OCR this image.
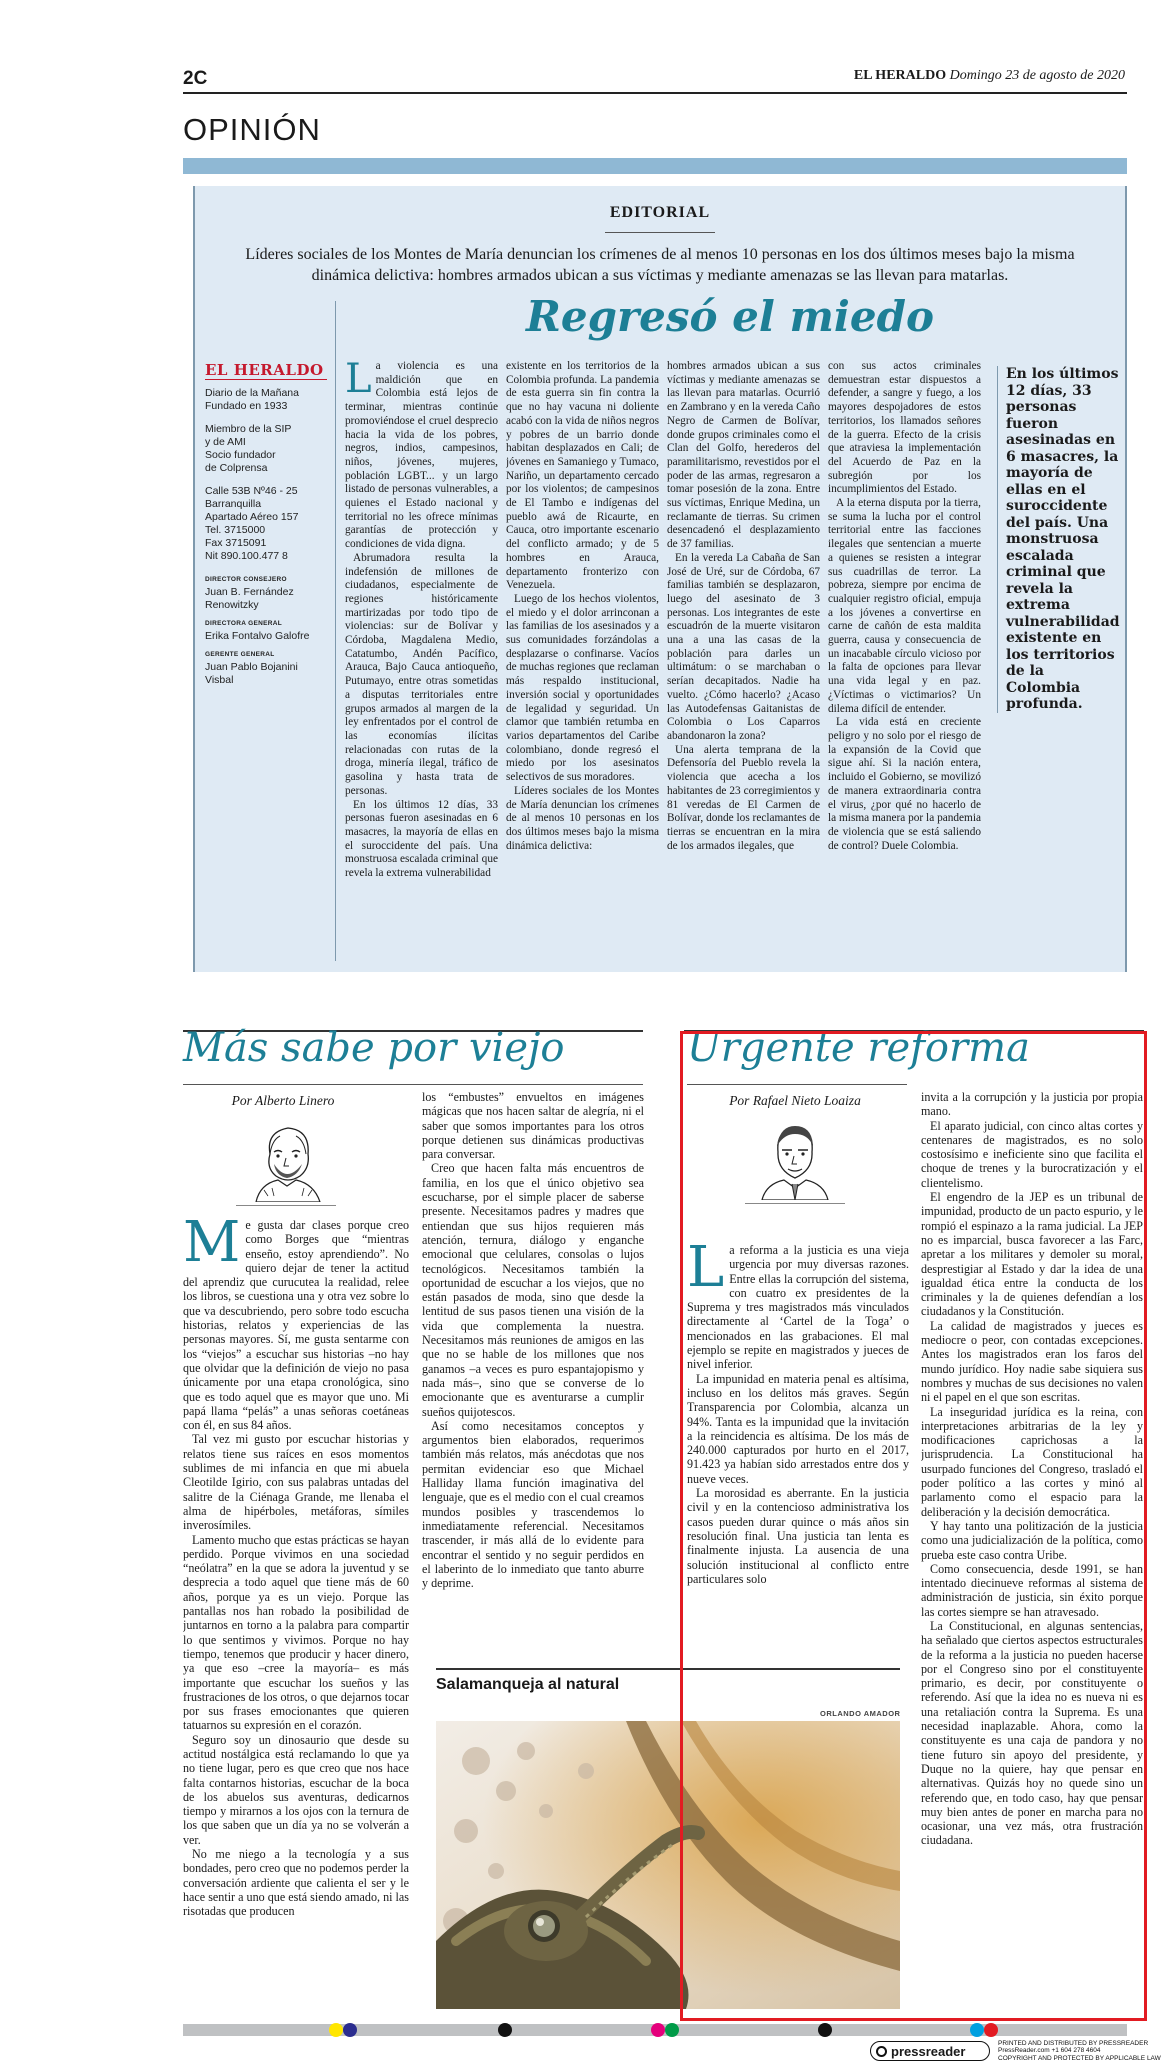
2C	EL HERALDO Domingo 23 de agosto de 2020
OPINIÓN
EDITORIAL
Líderes sociales de los Montes de María denuncian los crímenes de al menos 10 personas en los dos últimos meses bajo la misma dinámica delictiva: hombres armados ubican a sus víctimas y mediante amenazas se las llevan para matarlas.
Regresó el miedo
EL HERALDO
Diario de la Mañana
Fundado en 1933
Miembro de la SIP
y de AMI
Socio fundador
de Colprensa
Calle 53B Nº46 - 25
Barranquilla
Apartado Aéreo 157
Tel. 3715000
Fax 3715091
Nit 890.100.477 8
DIRECTOR CONSEJERO
Juan B. Fernández Renowitzky
DIRECTORA GENERAL
Erika Fontalvo Galofre
GERENTE GENERAL
Juan Pablo Bojanini Visbal

La violencia es una maldición que en Colombia está lejos de terminar, mientras continúe promoviéndose el cruel desprecio hacia la vida de los pobres, negros, indios, campesinos, niños, jóvenes, mujeres, población LGBT... y un largo listado de personas vulnerables, a quienes el Estado nacional y territorial no les ofrece mínimas garantías de protección y condiciones de vida digna.

Abrumadora resulta la indefensión de millones de ciudadanos, especialmente de regiones históricamente martirizadas por todo tipo de violencias: sur de Bolívar y Córdoba, Magdalena Medio, Catatumbo, Andén Pacífico, Arauca, Bajo Cauca antioqueño, Putumayo, entre otras sometidas a disputas territoriales entre grupos armados al margen de la ley enfrentados por el control de las economías ilícitas relacionadas con rutas de la droga, minería ilegal, tráfico de gasolina y hasta trata de personas.

En los últimos 12 días, 33 personas fueron asesinadas en 6 masacres, la mayoría de ellas en el suroccidente del país. Una monstruosa escalada criminal que revela la extrema vulnerabilidad

existente en los territorios de la Colombia profunda. La pandemia de esta guerra sin fin contra la que no hay vacuna ni doliente acabó con la vida de niños negros y pobres de un barrio donde habitan desplazados en Cali; de jóvenes en Samaniego y Tumaco, Nariño, un departamento cercado por los violentos; de campesinos de El Tambo e indígenas del pueblo awá de Ricaurte, en Cauca, otro importante escenario del conflicto armado; y de 5 hombres en Arauca, departamento fronterizo con Venezuela.

Luego de los hechos violentos, el miedo y el dolor arrinconan a las familias de los asesinados y a sus comunidades forzándolas a desplazarse o confinarse. Vacíos de muchas regiones que reclaman más respaldo institucional, inversión social y oportunidades de legalidad y seguridad. Un clamor que también retumba en varios departamentos del Caribe colombiano, donde regresó el miedo por los asesinatos selectivos de sus moradores.

Líderes sociales de los Montes de María denuncian los crímenes de al menos 10 personas en los dos últimos meses bajo la misma dinámica delictiva:

hombres armados ubican a sus víctimas y mediante amenazas se las llevan para matarlas. Ocurrió en Zambrano y en la vereda Caño Negro de Carmen de Bolívar, donde grupos criminales como el Clan del Golfo, herederos del paramilitarismo, revestidos por el poder de las armas, regresaron a tomar posesión de la zona. Entre sus víctimas, Enrique Medina, un reclamante de tierras. Su crimen desencadenó el desplazamiento de 37 familias.

En la vereda La Cabaña de San José de Uré, sur de Córdoba, 67 familias también se desplazaron, luego del asesinato de 3 personas. Los integrantes de este escuadrón de la muerte visitaron una a una las casas de la población para darles un ultimátum: o se marchaban o serían decapitados. Nadie ha vuelto. ¿Cómo hacerlo? ¿Acaso las Autodefensas Gaitanistas de Colombia o Los Caparros abandonaron la zona?

Una alerta temprana de la Defensoría del Pueblo revela la violencia que acecha a los habitantes de 23 corregimientos y 81 veredas de El Carmen de Bolívar, donde los reclamantes de tierras se encuentran en la mira de los armados ilegales, que

con sus actos criminales demuestran estar dispuestos a defender, a sangre y fuego, a los mayores despojadores de estos territorios, los llamados señores de la guerra. Efecto de la crisis que atraviesa la implementación del Acuerdo de Paz en la subregión por los incumplimientos del Estado.

A la eterna disputa por la tierra, se suma la lucha por el control territorial entre las facciones ilegales que sentencian a muerte a quienes se resisten a integrar sus cuadrillas de terror. La pobreza, siempre por encima de cualquier registro oficial, empuja a los jóvenes a convertirse en carne de cañón de esta maldita guerra, causa y consecuencia de un inacabable círculo vicioso por la falta de opciones para llevar una vida legal y en paz. ¿Víctimas o victimarios? Un dilema difícil de entender.

La vida está en creciente peligro y no solo por el riesgo de la expansión de la Covid que sigue ahí. Si la nación entera, incluido el Gobierno, se movilizó de manera extraordinaria contra el virus, ¿por qué no hacerlo de la misma manera por la pandemia de violencia que se está saliendo de control? Duele Colombia.

En los últimos 12 días, 33 personas fueron asesinadas en 6 masacres, la mayoría de ellas en el suroccidente del país. Una monstruosa escalada criminal que revela la extrema vulnerabilidad existente en los territorios de la Colombia profunda.
Más sabe por viejo
Por Alberto Linero

Me gusta dar clases porque creo como Borges que “mientras enseño, estoy aprendiendo”. No quiero dejar de tener la actitud del aprendiz que curucutea la realidad, relee los libros, se cuestiona una y otra vez sobre lo que va descubriendo, pero sobre todo escucha historias, relatos y experiencias de las personas mayores. Sí, me gusta sentarme con los “viejos” a escuchar sus historias –no hay que olvidar que la definición de viejo no pasa únicamente por una etapa cronológica, sino que es todo aquel que es mayor que uno. Mi papá llama “pelás” a unas señoras coetáneas con él, en sus 84 años.

Tal vez mi gusto por escuchar historias y relatos tiene sus raíces en esos momentos sublimes de mi infancia en que mi abuela Cleotilde Igirio, con sus palabras untadas del salitre de la Ciénaga Grande, me llenaba el alma de hipérboles, metáforas, símiles inverosímiles.

Lamento mucho que estas prácticas se hayan perdido. Porque vivimos en una sociedad “neólatra” en la que se adora la juventud y se desprecia a todo aquel que tiene más de 60 años, porque ya es un viejo. Porque las pantallas nos han robado la posibilidad de juntarnos en torno a la palabra para compartir lo que sentimos y vivimos. Porque no hay tiempo, tenemos que producir y hacer dinero, ya que eso –cree la mayoría– es más importante que escuchar los sueños y las frustraciones de los otros, o que dejarnos tocar por sus frases emocionantes que quieren tatuarnos su expresión en el corazón.

Seguro soy un dinosaurio que desde su actitud nostálgica está reclamando lo que ya no tiene lugar, pero es que creo que nos hace falta contarnos historias, escuchar de la boca de los abuelos sus aventuras, dedicarnos tiempo y mirarnos a los ojos con la ternura de los que saben que un día ya no se volverán a ver.

No me niego a la tecnología y a sus bondades, pero creo que no podemos perder la conversación ardiente que calienta el ser y le hace sentir a uno que está siendo amado, ni las risotadas que producen

los “embustes” envueltos en imágenes mágicas que nos hacen saltar de alegría, ni el saber que somos importantes para los otros porque detienen sus dinámicas productivas para conversar.

Creo que hacen falta más encuentros de familia, en los que el único objetivo sea escucharse, por el simple placer de saberse presente. Necesitamos padres y madres que entiendan que sus hijos requieren más atención, ternura, diálogo y enganche emocional que celulares, consolas o lujos tecnológicos. Necesitamos también la oportunidad de escuchar a los viejos, que no están pasados de moda, sino que desde la lentitud de sus pasos tienen una visión de la vida que complementa la nuestra. Necesitamos más reuniones de amigos en las que no se hable de los millones que nos ganamos –a veces es puro espantajopismo y nada más–, sino que se converse de lo emocionante que es aventurarse a cumplir sueños quijotescos.

Así como necesitamos conceptos y argumentos bien elaborados, requerimos también más relatos, más anécdotas que nos permitan evidenciar eso que Michael Halliday llama función imaginativa del lenguaje, que es el medio con el cual creamos mundos posibles y trascendemos lo inmediatamente referencial. Necesitamos trascender, ir más allá de lo evidente para encontrar el sentido y no seguir perdidos en el laberinto de lo inmediato que tanto aburre y deprime.

Salamanqueja al natural
ORLANDO AMADOR
Urgente reforma
Por Rafael Nieto Loaiza

La reforma a la justicia es una vieja urgencia por muy diversas razones. Entre ellas la corrupción del sistema, con cuatro ex presidentes de la Suprema y tres magistrados más vinculados directamente al ‘Cartel de la Toga’ o mencionados en las grabaciones. El mal ejemplo se repite en magistrados y jueces de nivel inferior.

La impunidad en materia penal es altísima, incluso en los delitos más graves. Según Transparencia por Colombia, alcanza un 94%. Tanta es la impunidad que la invitación a la reincidencia es altísima. De los más de 240.000 capturados por hurto en el 2017, 91.423 ya habían sido arrestados entre dos y nueve veces.

La morosidad es aberrante. En la justicia civil y en la contencioso administrativa los casos pueden durar quince o más años sin resolución final. Una justicia tan lenta es finalmente injusta. La ausencia de una solución institucional al conflicto entre particulares solo

invita a la corrupción y la justicia por propia mano.

El aparato judicial, con cinco altas cortes y centenares de magistrados, es no solo costosísimo e ineficiente sino que facilita el choque de trenes y la burocratización y el clientelismo.

El engendro de la JEP es un tribunal de impunidad, producto de un pacto espurio, y le rompió el espinazo a la rama judicial. La JEP no es imparcial, busca favorecer a las Farc, apretar a los militares y demoler su moral, desprestigiar al Estado y dar la idea de una igualdad ética entre la conducta de los criminales y la de quienes defendían a los ciudadanos y la Constitución.

La calidad de magistrados y jueces es mediocre o peor, con contadas excepciones. Antes los magistrados eran los faros del mundo jurídico. Hoy nadie sabe siquiera sus nombres y muchas de sus decisiones no valen ni el papel en el que son escritas.

La inseguridad jurídica es la reina, con interpretaciones arbitrarias de la ley y modificaciones caprichosas a la jurisprudencia. La Constitucional ha usurpado funciones del Congreso, trasladó el poder político a las cortes y minó al parlamento como el espacio para la deliberación y la decisión democrática.

Y hay tanto una politización de la justicia como una judicialización de la política, como prueba este caso contra Uribe.

Como consecuencia, desde 1991, se han intentado diecinueve reformas al sistema de administración de justicia, sin éxito porque las cortes siempre se han atravesado.

La Constitucional, en algunas sentencias, ha señalado que ciertos aspectos estructurales de la reforma a la justicia no pueden hacerse por el Congreso sino por el constituyente primario, es decir, por constituyente o referendo. Así que la idea no es nueva ni es una retaliación contra la Suprema. Es una necesidad inaplazable. Ahora, como la constituyente es una caja de pandora y no tiene futuro sin apoyo del presidente, y Duque no la quiere, hay que pensar en alternativas. Quizás hoy no quede sino un referendo que, en todo caso, hay que pensar muy bien antes de poner en marcha para no ocasionar, una vez más, otra frustración ciudadana.

pressreader	PRINTED AND DISTRIBUTED BY PRESSREADER
PressReader.com +1 604 278 4604
COPYRIGHT AND PROTECTED BY APPLICABLE LAW
